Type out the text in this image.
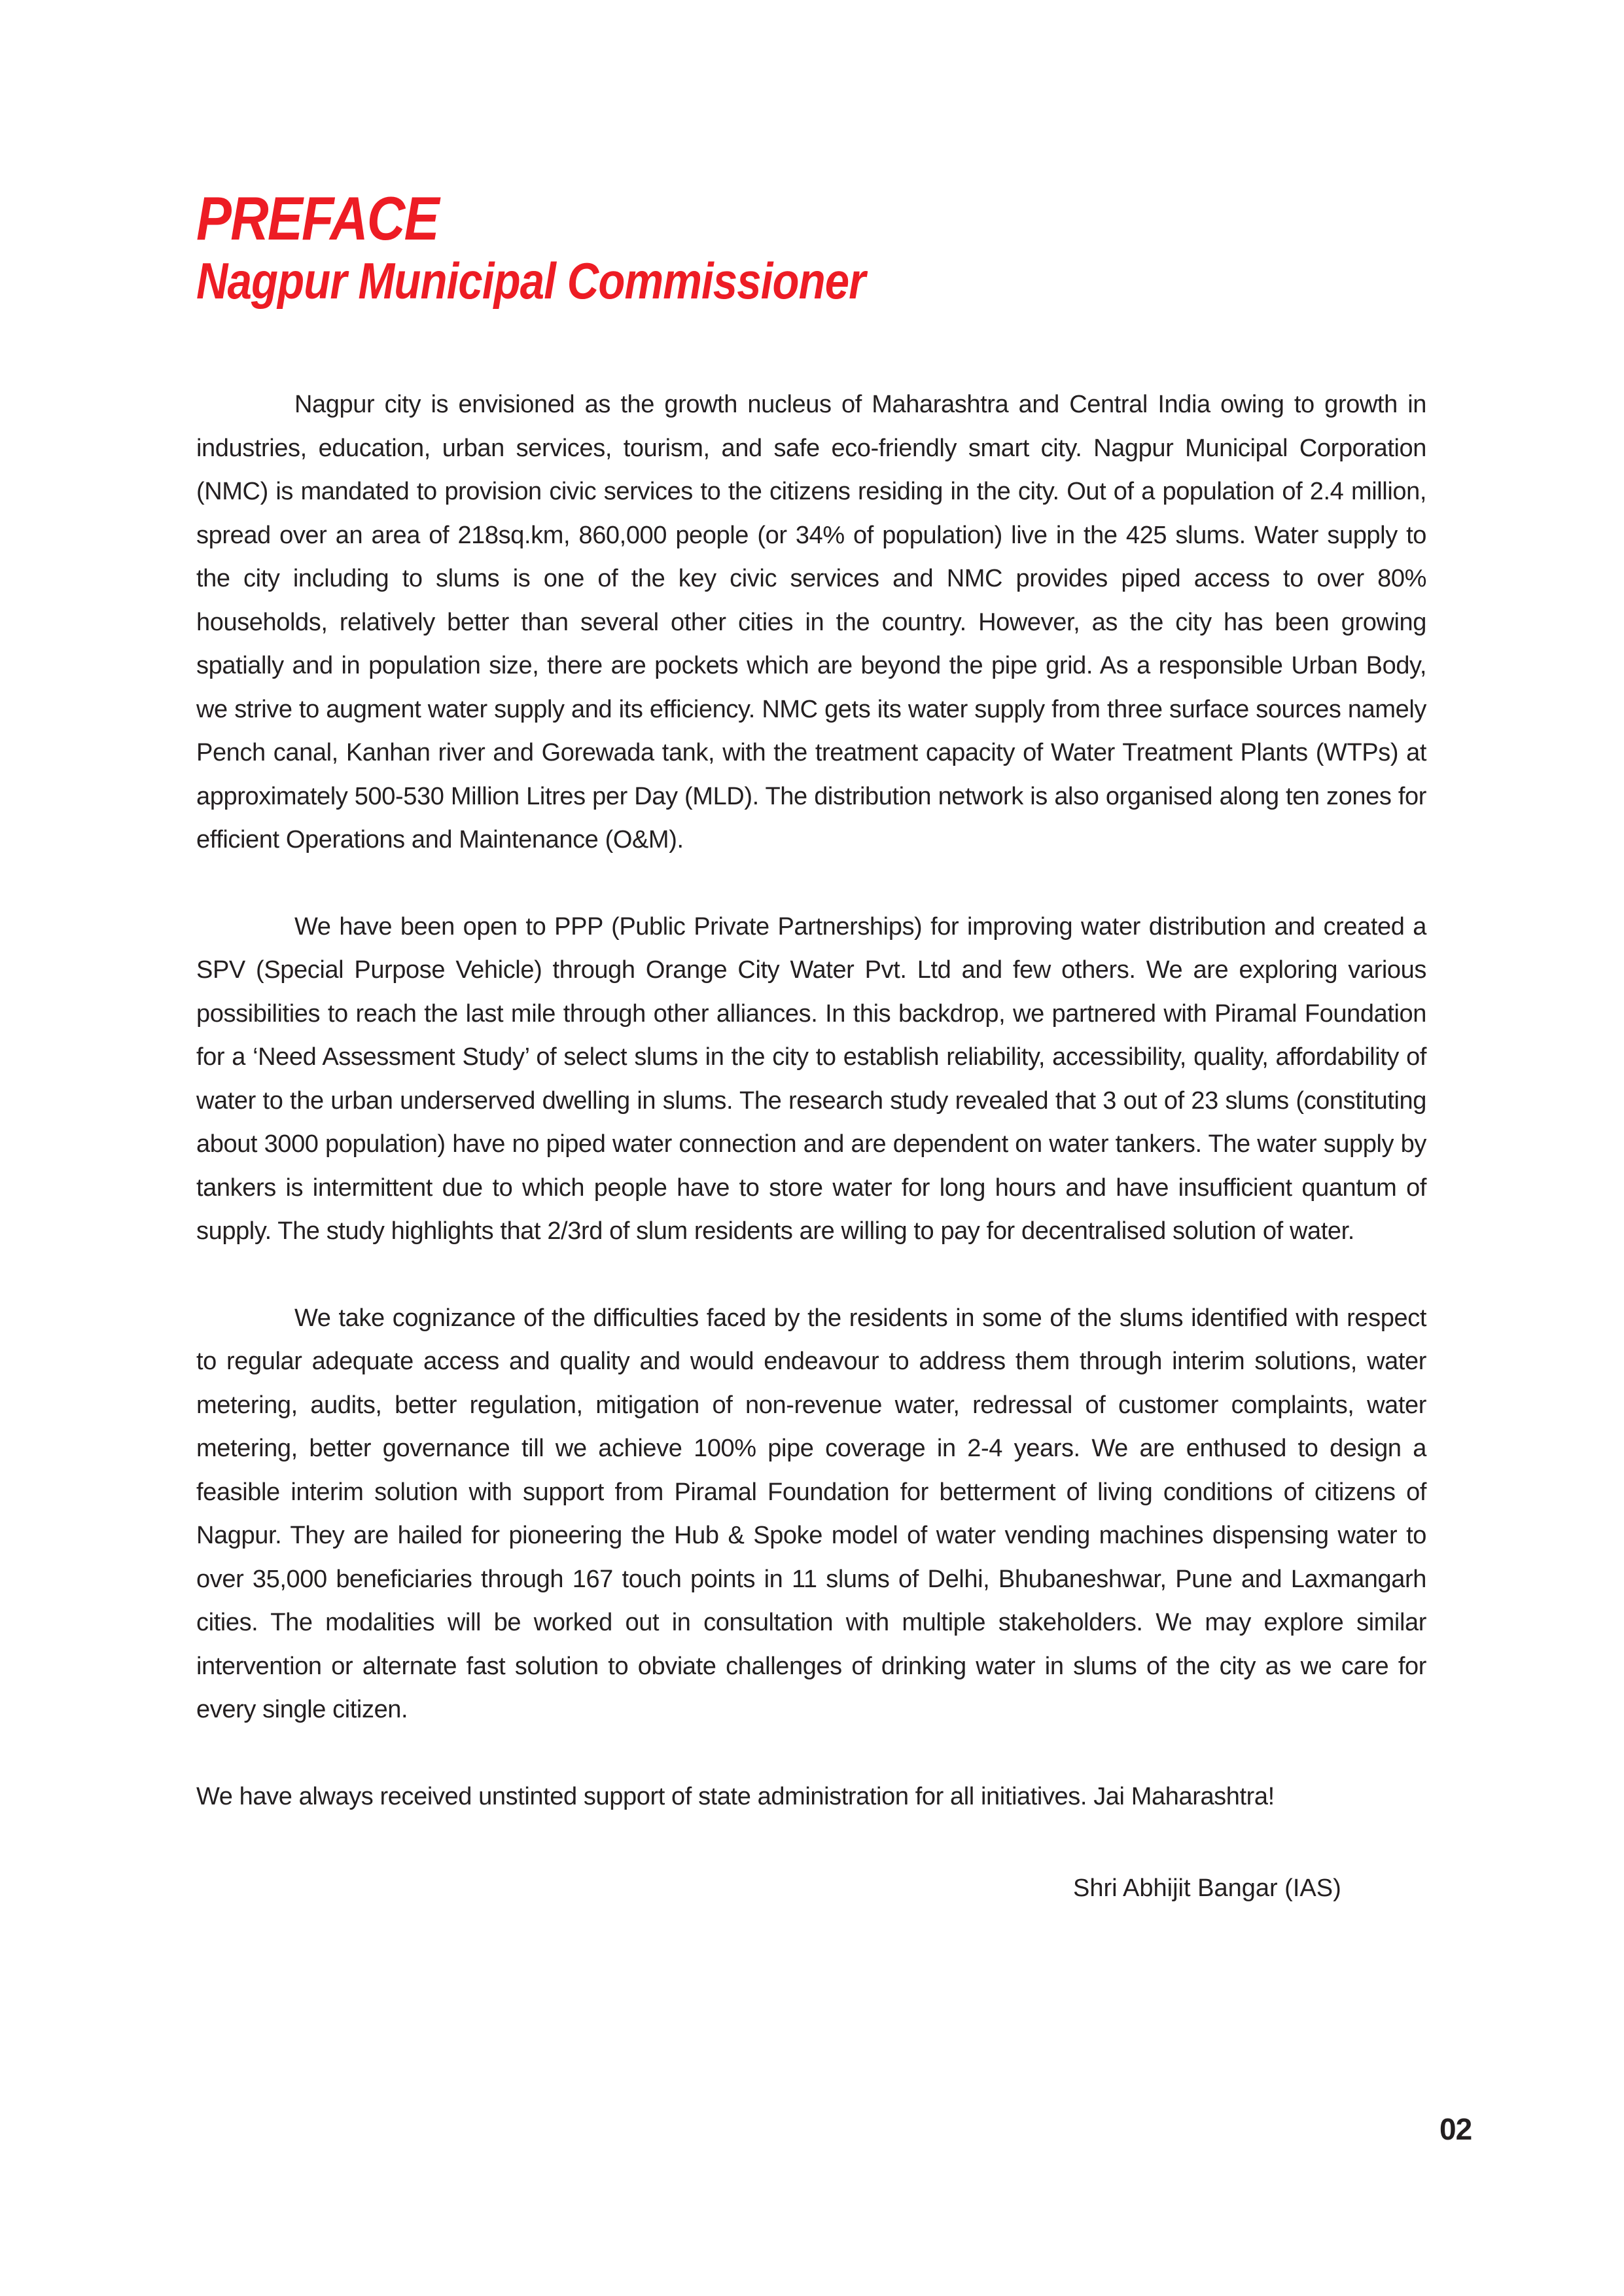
PREFACE
Nagpur Municipal Commissioner

Nagpur city is envisioned as the growth nucleus of Maharashtra and Central India owing to growth in industries, education, urban services, tourism, and safe eco-friendly smart city. Nagpur Municipal Corporation (NMC) is mandated to provision civic services to the citizens residing in the city. Out of a population of 2.4 million, spread over an area of 218sq.km, 860,000 people (or 34% of population) live in the 425 slums. Water supply to the city including to slums is one of the key civic services and NMC provides piped access to over 80% households, relatively better than several other cities in the country. However, as the city has been growing spatially and in population size, there are pockets which are beyond the pipe grid. As a responsible Urban Body, we strive to augment water supply and its efficiency. NMC gets its water supply from three surface sources namely Pench canal, Kanhan river and Gorewada tank, with the treatment capacity of Water Treatment Plants (WTPs) at approximately 500-530 Million Litres per Day (MLD). The distribution network is also organised along ten zones for efficient Operations and Maintenance (O&M).

We have been open to PPP (Public Private Partnerships) for improving water distribution and created a SPV (Special Purpose Vehicle) through Orange City Water Pvt. Ltd and few others. We are exploring various possibilities to reach the last mile through other alliances. In this backdrop, we partnered with Piramal Foundation for a ‘Need Assessment Study’ of select slums in the city to establish reliability, accessibility, quality, affordability of water to the urban underserved dwelling in slums. The research study revealed that 3 out of 23 slums (constituting about 3000 population) have no piped water connection and are dependent on water tankers. The water supply by tankers is intermittent due to which people have to store water for long hours and have insufficient quantum of supply. The study highlights that 2/3rd of slum residents are willing to pay for decentralised solution of water.

We take cognizance of the difficulties faced by the residents in some of the slums identified with respect to regular adequate access and quality and would endeavour to address them through interim solutions, water metering, audits, better regulation, mitigation of non-revenue water, redressal of customer complaints, water metering, better governance till we achieve 100% pipe coverage in 2-4 years. We are enthused to design a feasible interim solution with support from Piramal Foundation for betterment of living conditions of citizens of Nagpur. They are hailed for pioneering the Hub & Spoke model of water vending machines dispensing water to over 35,000 beneficiaries through 167 touch points in 11 slums of Delhi, Bhubaneshwar, Pune and Laxmangarh cities. The modalities will be worked out in consultation with multiple stakeholders. We may explore similar intervention or alternate fast solution to obviate challenges of drinking water in slums of the city as we care for every single citizen.

We have always received unstinted support of state administration for all initiatives. Jai Maharashtra!

Shri Abhijit Bangar (IAS)
02
